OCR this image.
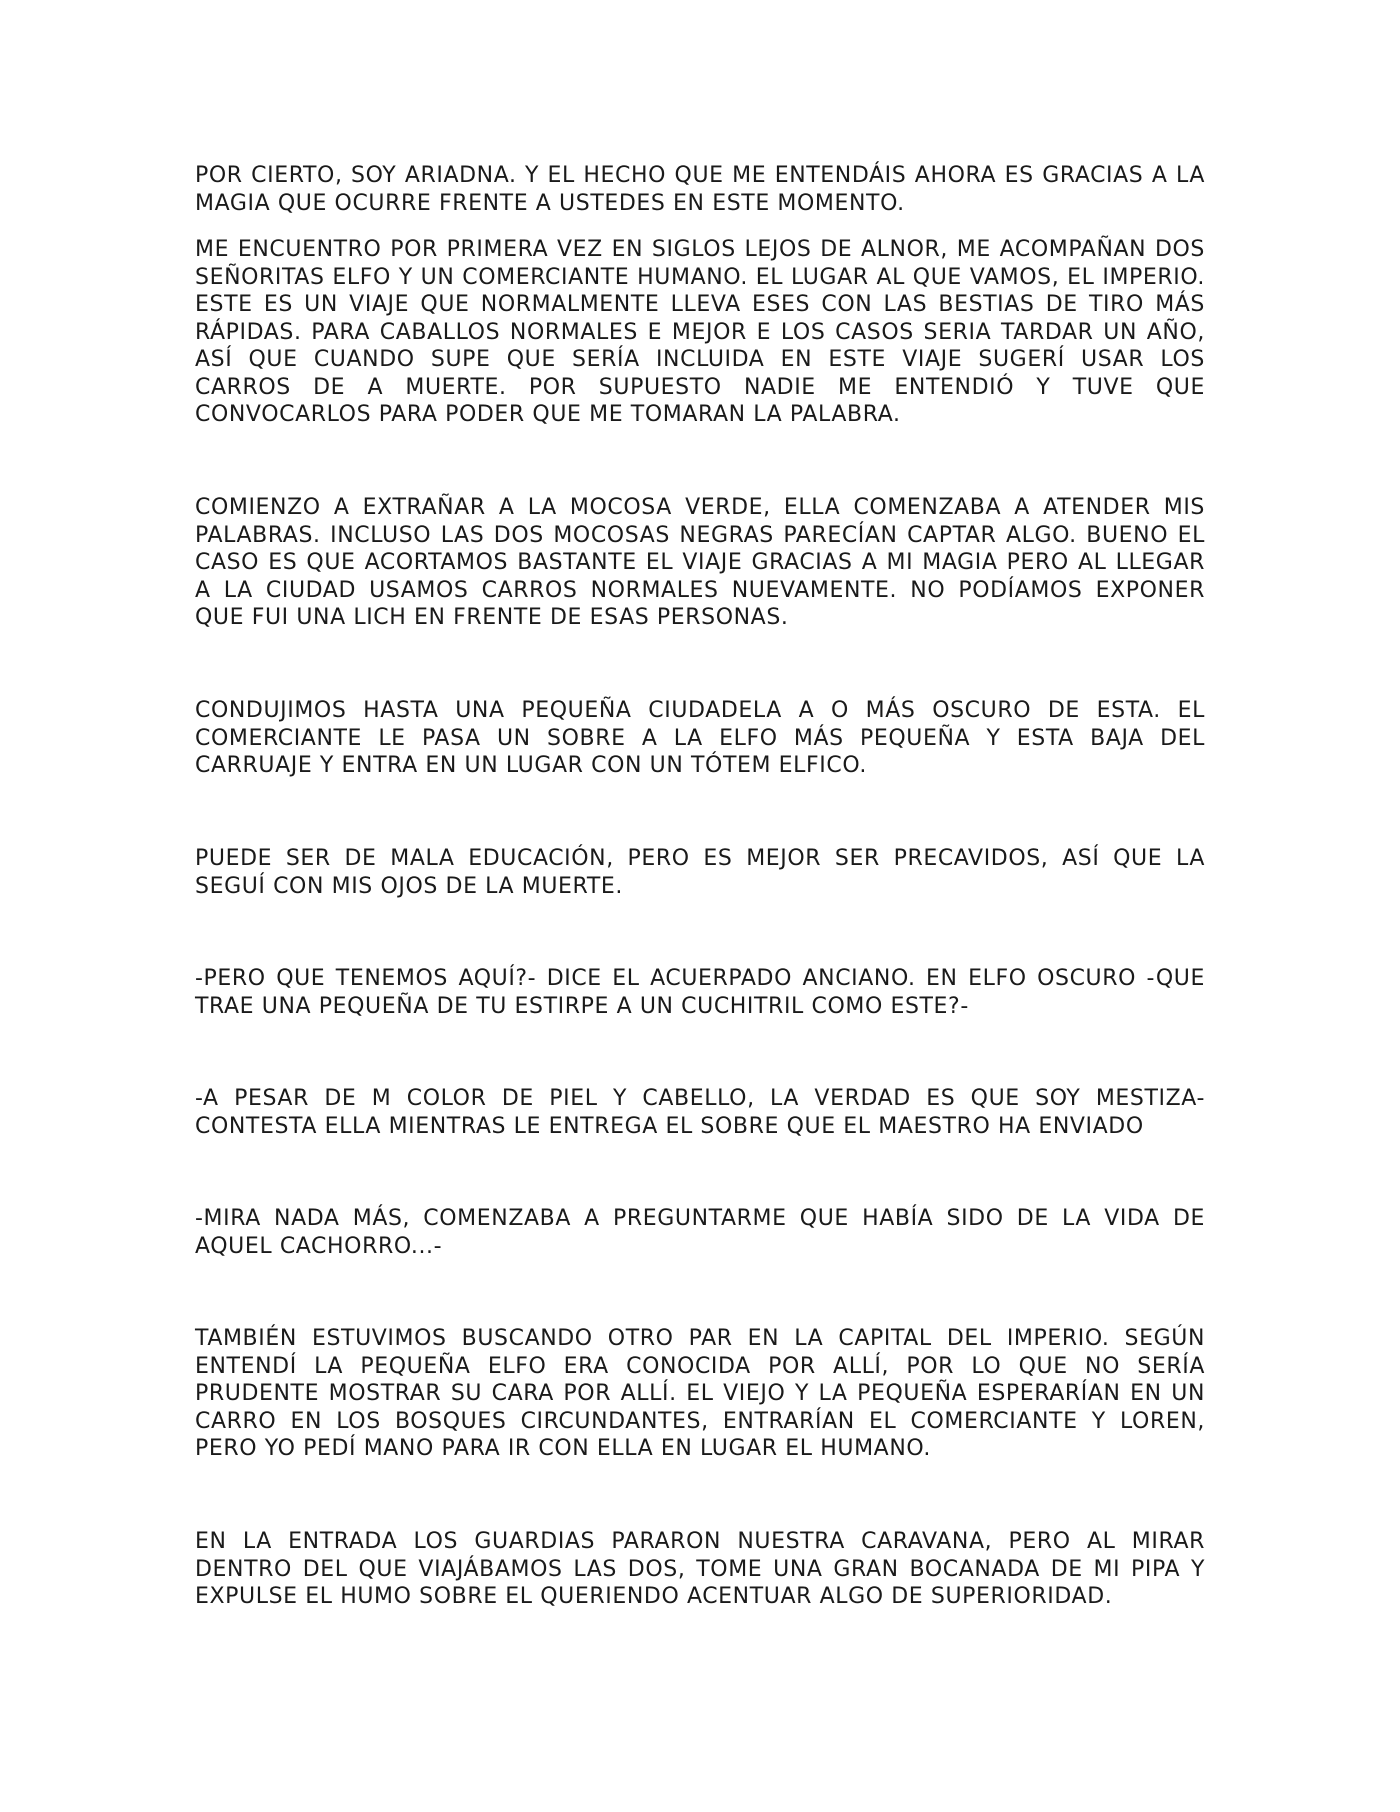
POR CIERTO, SOY ARIADNA. Y EL HECHO QUE ME ENTENDÁIS AHORA ES GRACIAS A LA MAGIA QUE OCURRE FRENTE A USTEDES EN ESTE MOMENTO.

ME ENCUENTRO POR PRIMERA VEZ EN SIGLOS LEJOS DE ALNOR, ME ACOMPAÑAN DOS SEÑORITAS ELFO Y UN COMERCIANTE HUMANO. EL LUGAR AL QUE VAMOS, EL IMPERIO. ESTE ES UN VIAJE QUE NORMALMENTE LLEVA ESES CON LAS BESTIAS DE TIRO MÁS RÁPIDAS. PARA CABALLOS NORMALES E MEJOR E LOS CASOS SERIA TARDAR UN AÑO, ASÍ QUE CUANDO SUPE QUE SERÍA INCLUIDA EN ESTE VIAJE SUGERÍ USAR LOS CARROS DE A MUERTE. POR SUPUESTO NADIE ME ENTENDIÓ Y TUVE QUE CONVOCARLOS PARA PODER QUE ME TOMARAN LA PALABRA.

COMIENZO A EXTRAÑAR A LA MOCOSA VERDE, ELLA COMENZABA A ATENDER MIS PALABRAS. INCLUSO LAS DOS MOCOSAS NEGRAS PARECÍAN CAPTAR ALGO. BUENO EL CASO ES QUE ACORTAMOS BASTANTE EL VIAJE GRACIAS A MI MAGIA PERO AL LLEGAR A LA CIUDAD USAMOS CARROS NORMALES NUEVAMENTE. NO PODÍAMOS EXPONER QUE FUI UNA LICH EN FRENTE DE ESAS PERSONAS.

CONDUJIMOS HASTA UNA PEQUEÑA CIUDADELA A O MÁS OSCURO DE ESTA. EL COMERCIANTE LE PASA UN SOBRE A LA ELFO MÁS PEQUEÑA Y ESTA BAJA DEL CARRUAJE Y ENTRA EN UN LUGAR CON UN TÓTEM ELFICO.

PUEDE SER DE MALA EDUCACIÓN, PERO ES MEJOR SER PRECAVIDOS, ASÍ QUE LA SEGUÍ CON MIS OJOS DE LA MUERTE.

-PERO QUE TENEMOS AQUÍ?- DICE EL ACUERPADO ANCIANO. EN ELFO OSCURO -QUE TRAE UNA PEQUEÑA DE TU ESTIRPE A UN CUCHITRIL COMO ESTE?-

-A PESAR DE M COLOR DE PIEL Y CABELLO, LA VERDAD ES QUE SOY MESTIZA- CONTESTA ELLA MIENTRAS LE ENTREGA EL SOBRE QUE EL MAESTRO HA ENVIADO

-MIRA NADA MÁS, COMENZABA A PREGUNTARME QUE HABÍA SIDO DE LA VIDA DE AQUEL CACHORRO...-

TAMBIÉN ESTUVIMOS BUSCANDO OTRO PAR EN LA CAPITAL DEL IMPERIO. SEGÚN ENTENDÍ LA PEQUEÑA ELFO ERA CONOCIDA POR ALLÍ, POR LO QUE NO SERÍA PRUDENTE MOSTRAR SU CARA POR ALLÍ. EL VIEJO Y LA PEQUEÑA ESPERARÍAN EN UN CARRO EN LOS BOSQUES CIRCUNDANTES, ENTRARÍAN EL COMERCIANTE Y LOREN, PERO YO PEDÍ MANO PARA IR CON ELLA EN LUGAR EL HUMANO.

EN LA ENTRADA LOS GUARDIAS PARARON NUESTRA CARAVANA, PERO AL MIRAR DENTRO DEL QUE VIAJÁBAMOS LAS DOS, TOME UNA GRAN BOCANADA DE MI PIPA Y EXPULSE EL HUMO SOBRE EL QUERIENDO ACENTUAR ALGO DE SUPERIORIDAD.
